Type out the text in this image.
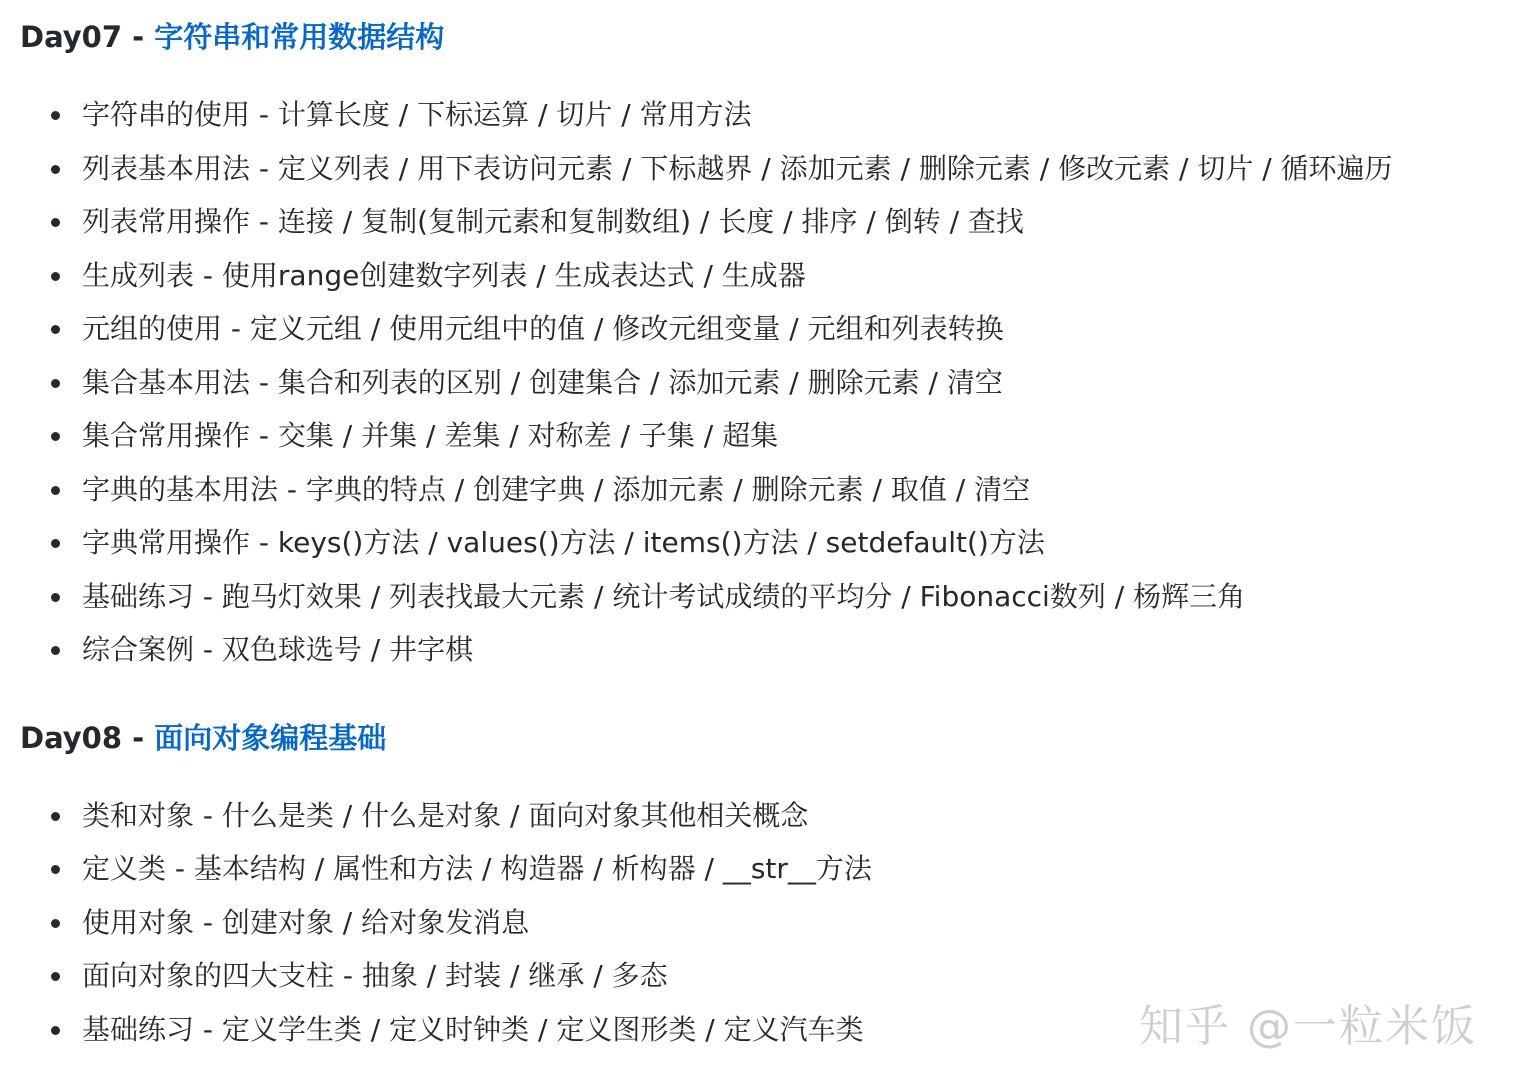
Day07 - 字符串和常用数据结构
字符串的使用 - 计算长度 / 下标运算 / 切片 / 常用方法
列表基本用法 - 定义列表 / 用下表访问元素 / 下标越界 / 添加元素 / 删除元素 / 修改元素 / 切片 / 循环遍历
列表常用操作 - 连接 / 复制(复制元素和复制数组) / 长度 / 排序 / 倒转 / 查找
生成列表 - 使用range创建数字列表 / 生成表达式 / 生成器
元组的使用 - 定义元组 / 使用元组中的值 / 修改元组变量 / 元组和列表转换
集合基本用法 - 集合和列表的区别 / 创建集合 / 添加元素 / 删除元素 / 清空
集合常用操作 - 交集 / 并集 / 差集 / 对称差 / 子集 / 超集
字典的基本用法 - 字典的特点 / 创建字典 / 添加元素 / 删除元素 / 取值 / 清空
字典常用操作 - keys()方法 / values()方法 / items()方法 / setdefault()方法
基础练习 - 跑马灯效果 / 列表找最大元素 / 统计考试成绩的平均分 / Fibonacci数列 / 杨辉三角
综合案例 - 双色球选号 / 井字棋
Day08 - 面向对象编程基础
类和对象 - 什么是类 / 什么是对象 / 面向对象其他相关概念
定义类 - 基本结构 / 属性和方法 / 构造器 / 析构器 / __str__方法
使用对象 - 创建对象 / 给对象发消息
面向对象的四大支柱 - 抽象 / 封装 / 继承 / 多态
基础练习 - 定义学生类 / 定义时钟类 / 定义图形类 / 定义汽车类	知乎 @一粒米饭
